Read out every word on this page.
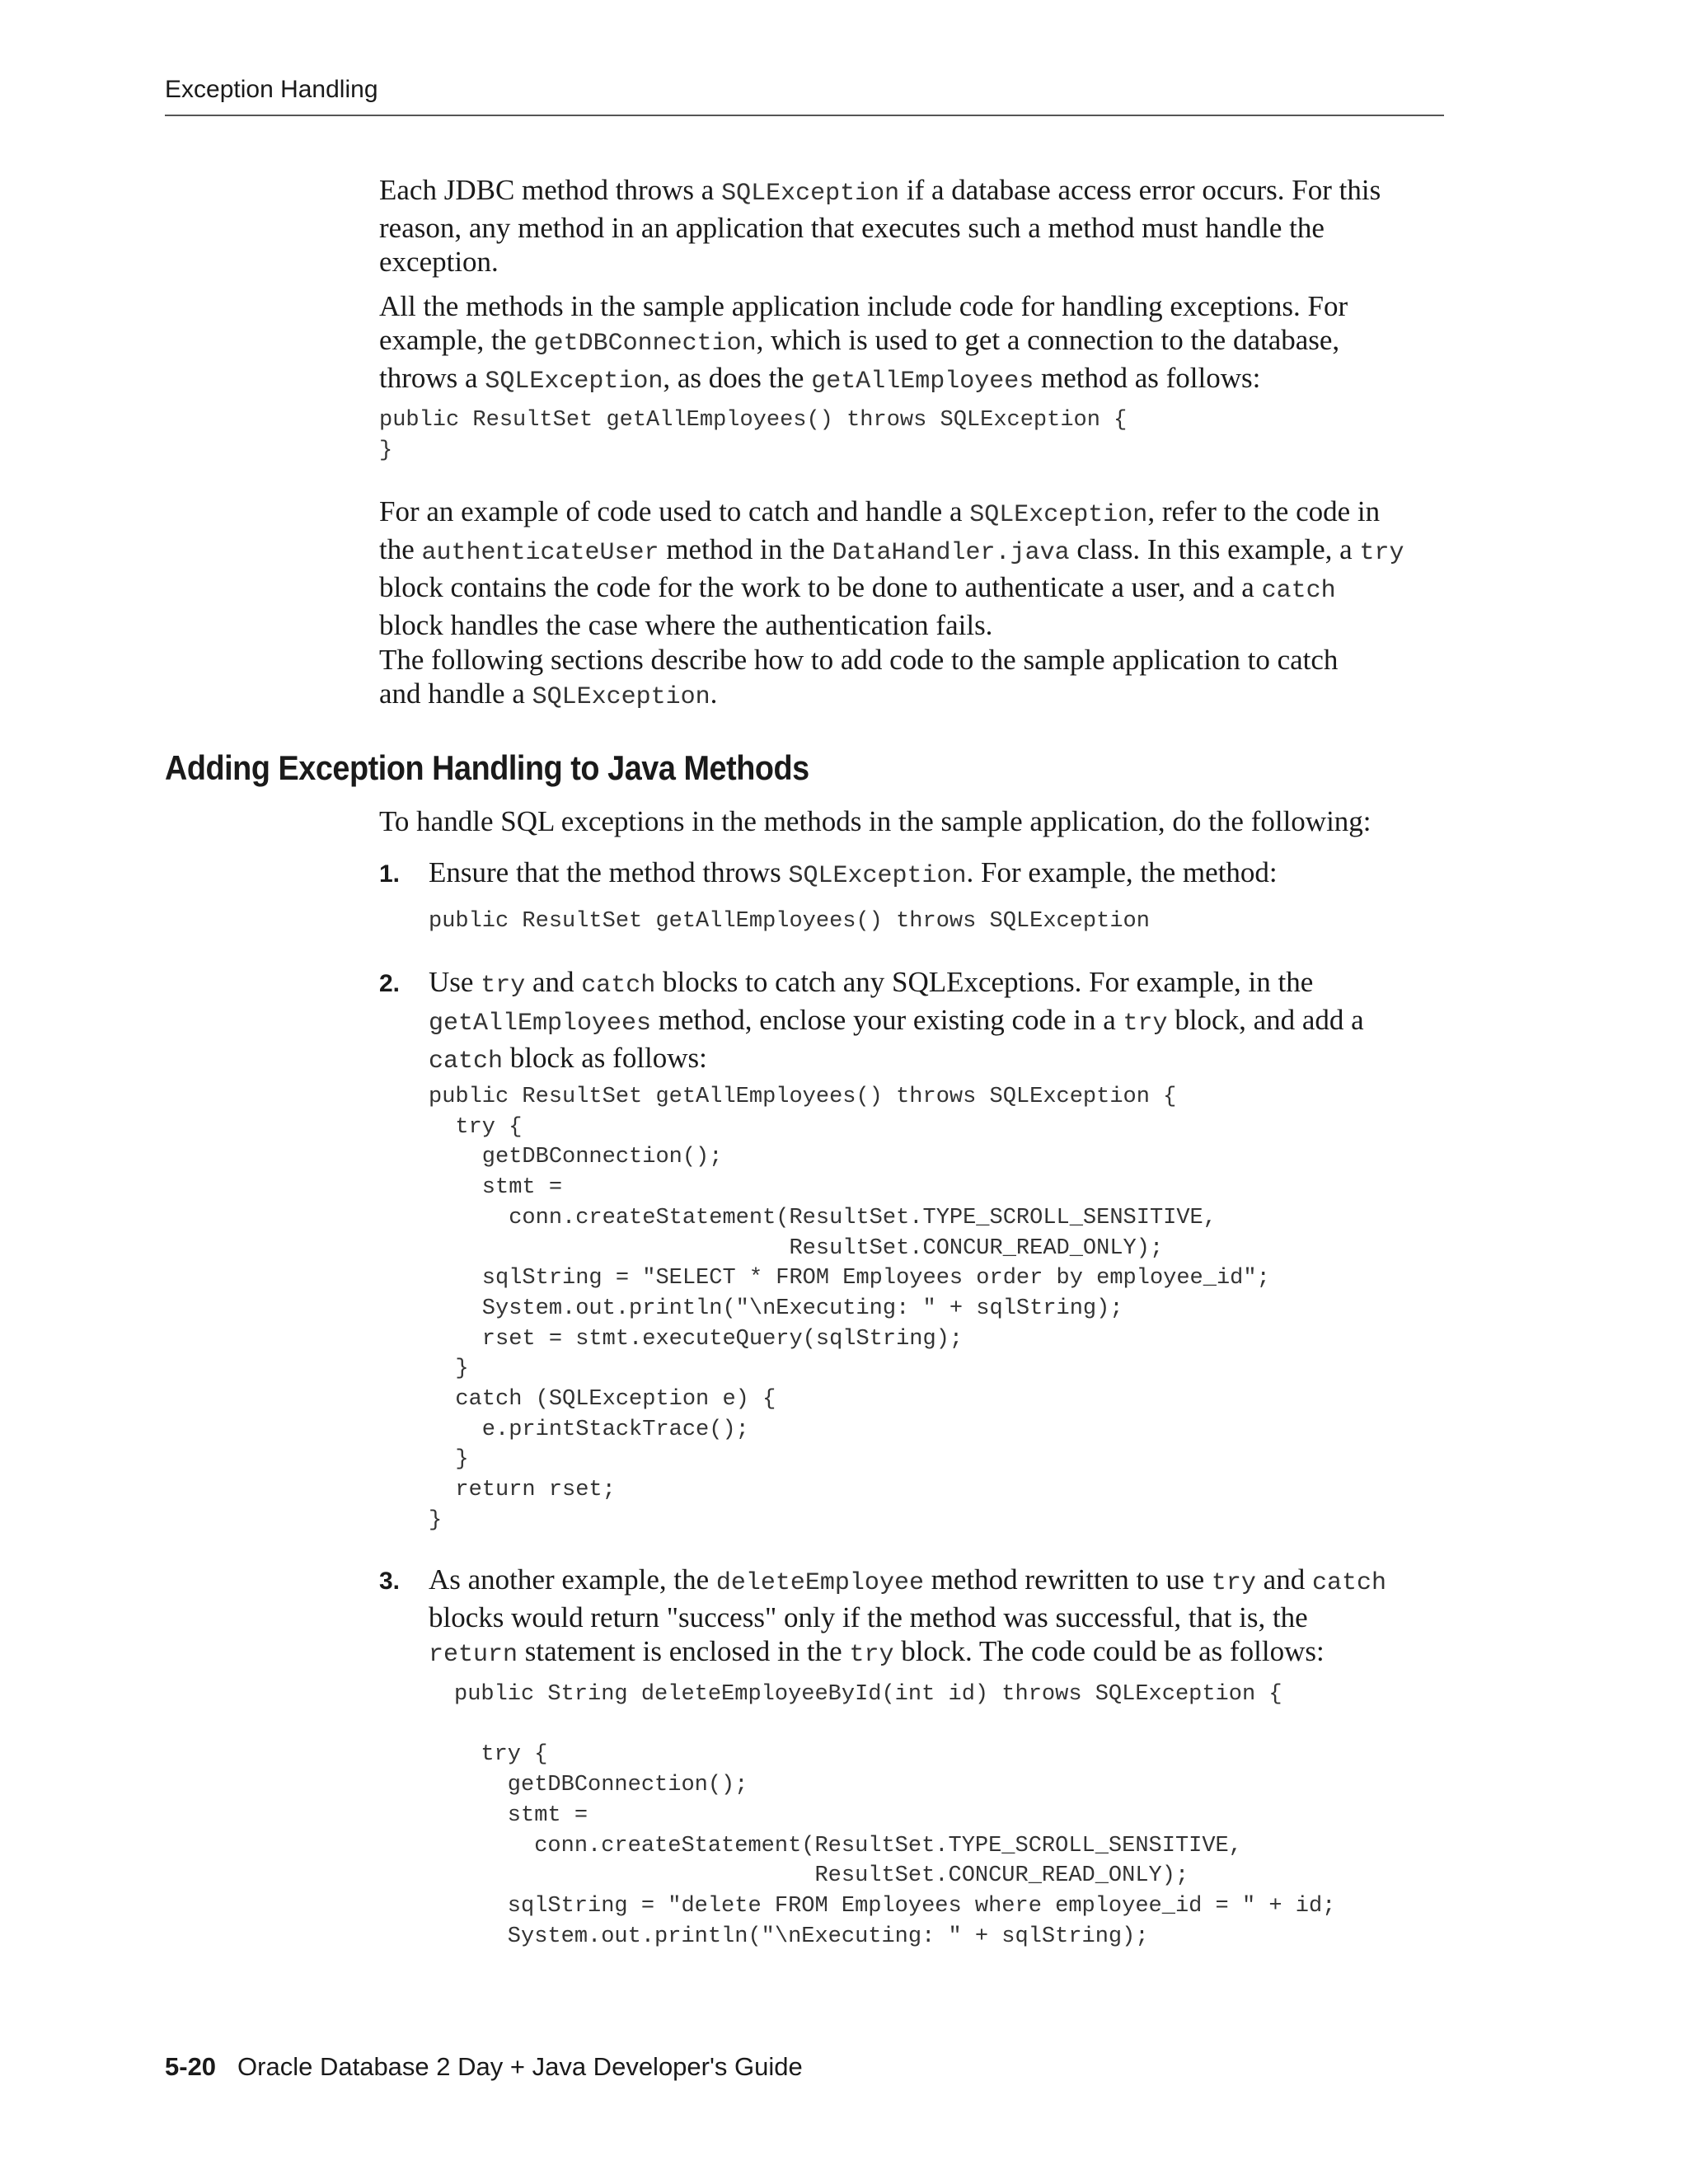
Exception Handling

Each JDBC method throws a SQLException if a database access error occurs. For this
reason, any method in an application that executes such a method must handle the
exception.

All the methods in the sample application include code for handling exceptions. For
example, the getDBConnection, which is used to get a connection to the database,
throws a SQLException, as does the getAllEmployees method as follows:

public ResultSet getAllEmployees() throws SQLException {
}

For an example of code used to catch and handle a SQLException, refer to the code in
the authenticateUser method in the DataHandler.java class. In this example, a try
block contains the code for the work to be done to authenticate a user, and a catch
block handles the case where the authentication fails.

The following sections describe how to add code to the sample application to catch
and handle a SQLException.

Adding Exception Handling to Java Methods

To handle SQL exceptions in the methods in the sample application, do the following:

1. Ensure that the method throws SQLException. For example, the method:

public ResultSet getAllEmployees() throws SQLException
2. Use try and catch blocks to catch any SQLExceptions. For example, in the
getAllEmployees method, enclose your existing code in a try block, and add a
catch block as follows:

public ResultSet getAllEmployees() throws SQLException {
try {
getDBConnection();
stmt =
conn.createStatement(ResultSet.TYPE_SCROLL_SENSITIVE,
ResultSet.CONCUR_READ_ONLY);
sqlString = "SELECT * FROM Employees order by employee_id";
System.out.println("\nExecuting: " + sqlString);
rset = stmt.executeQuery(sqlString);
}
catch (SQLException e) {
e.printStackTrace();
}
return rset;
}
3. As another example, the deleteEmployee method rewritten to use try and catch
blocks would return "success" only if the method was successful, that is, the
return statement is enclosed in the try block. The code could be as follows:

public String deleteEmployeeById(int id) throws SQLException {

try {
getDBConnection();
stmt =
conn.createStatement(ResultSet.TYPE_SCROLL_SENSITIVE,
ResultSet.CONCUR_READ_ONLY);
sqlString = "delete FROM Employees where employee_id = " + id;
System.out.println("\nExecuting: " + sqlString);
5-20 Oracle Database 2 Day + Java Developer's Guide
